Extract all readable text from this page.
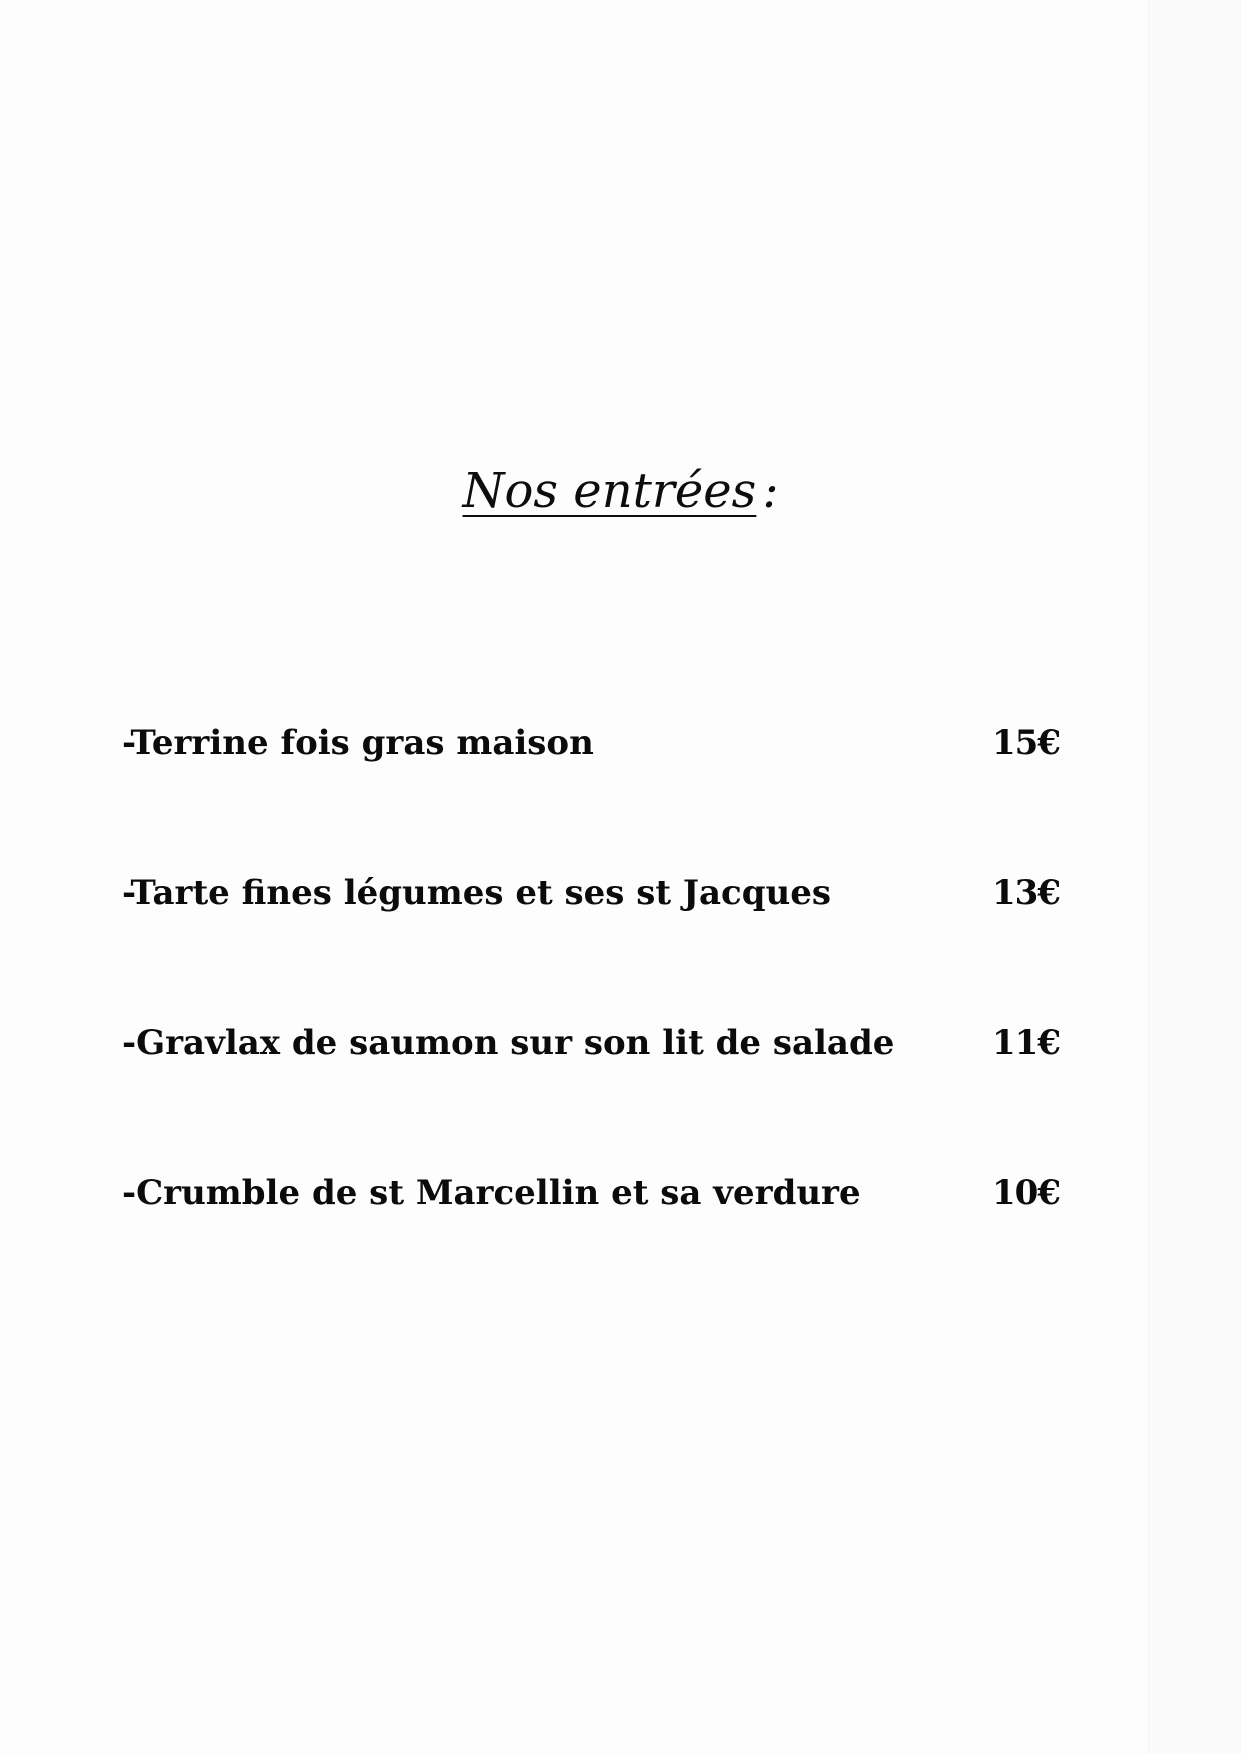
Nos entrées :
-Terrine fois gras maison	15€
-Tarte fines légumes et ses st Jacques	13€
-Gravlax de saumon sur son lit de salade	11€
-Crumble de st Marcellin et sa verdure	10€
